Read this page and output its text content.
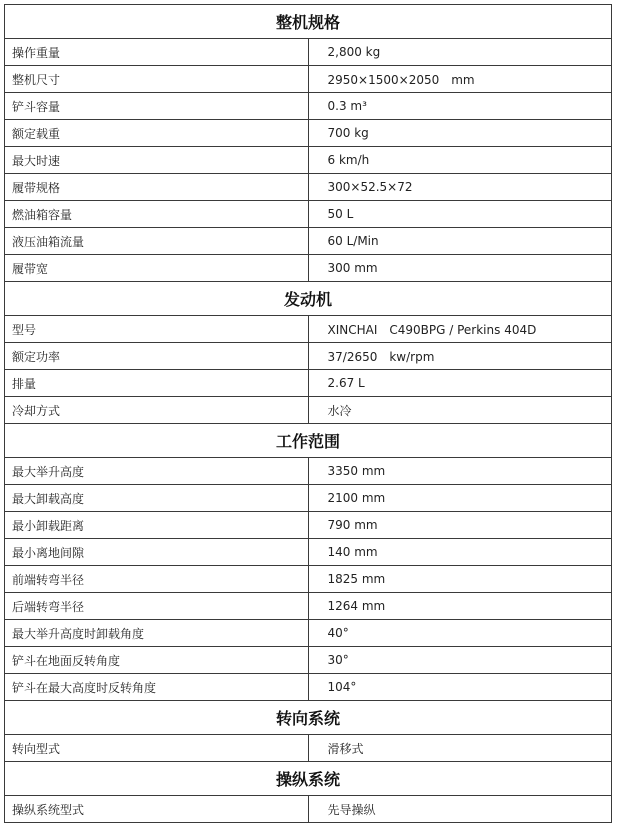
整机规格	
操作重量	2,800 kg
整机尺寸	2950×1500×2050　mm
铲斗容量	0.3 m³
额定载重	700 kg
最大时速	6 km/h
履带规格	300×52.5×72
燃油箱容量	50 L
液压油箱流量	60 L/Min
履带宽	300 mm
发动机	
型号	XINCHAI　C490BPG / Perkins 404D
额定功率	37/2650　kw/rpm
排量	2.67 L
冷却方式	水冷
工作范围	
最大举升高度	3350 mm
最大卸载高度	2100 mm
最小卸载距离	790 mm
最小离地间隙	140 mm
前端转弯半径	1825 mm
后端转弯半径	1264 mm
最大举升高度时卸载角度	40°
铲斗在地面反转角度	30°
铲斗在最大高度时反转角度	104°
转向系统	
转向型式	滑移式
操纵系统	
操纵系统型式	先导操纵
